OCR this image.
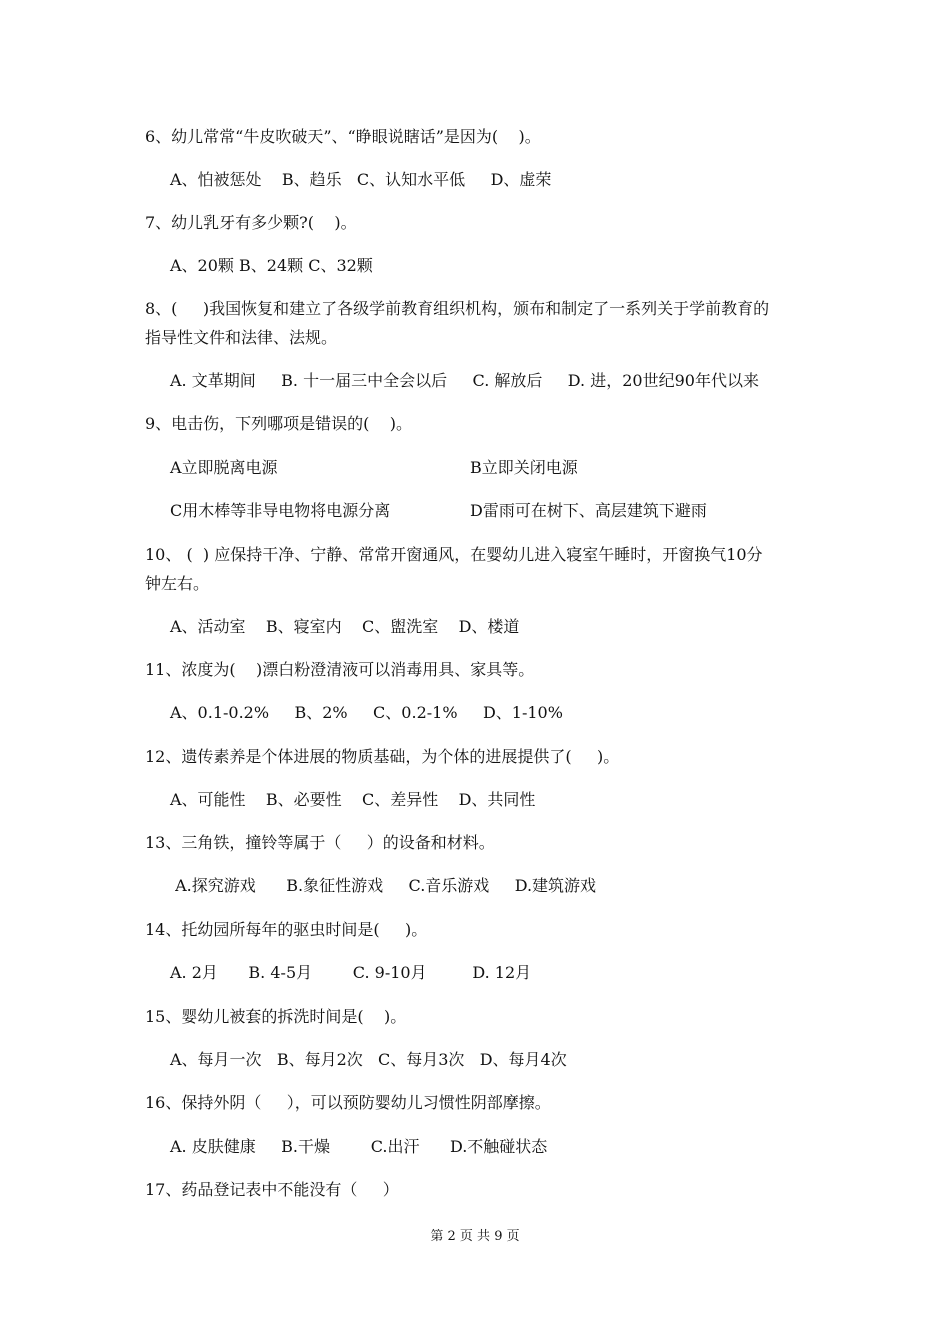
6、幼儿常常“牛皮吹破天”、“睁眼说瞎话”是因为(    )。
A、怕被惩处    B、趋乐   C、认知水平低     D、虚荣
7、幼儿乳牙有多少颗?(    )。
A、20颗 B、24颗 C、32颗
8、(     )我国恢复和建立了各级学前教育组织机构，颁布和制定了一系列关于学前教育的
指导性文件和法律、法规。
A. 文革期间     B. 十一届三中全会以后     C. 解放后     D. 进，20世纪90年代以来
9、电击伤，下列哪项是错误的(    )。
A立即脱离电源	B立即关闭电源
C用木棒等非导电物将电源分离	D雷雨可在树下、高层建筑下避雨
10、 (  ) 应保持干净、宁静、常常开窗通风，在婴幼儿进入寝室午睡时，开窗换气10分
钟左右。
A、活动室    B、寝室内    C、盥洗室    D、楼道
11、浓度为(    )漂白粉澄清液可以消毒用具、家具等。
A、0.1-0.2%     B、2%     C、0.2-1%     D、1-10%
12、遗传素养是个体进展的物质基础，为个体的进展提供了(     )。
A、可能性    B、必要性    C、差异性    D、共同性
13、三角铁，撞铃等属于（     ）的设备和材料。
A.探究游戏      B.象征性游戏     C.音乐游戏     D.建筑游戏
14、托幼园所每年的驱虫时间是(     )。
A. 2月      B. 4-5月        C. 9-10月         D. 12月
15、婴幼儿被套的拆洗时间是(    )。
A、每月一次   B、每月2次   C、每月3次   D、每月4次
16、保持外阴（     ），可以预防婴幼儿习惯性阴部摩擦。
A. 皮肤健康     B.干燥        C.出汗      D.不触碰状态
17、药品登记表中不能没有（     ）
第 2 页 共 9 页
